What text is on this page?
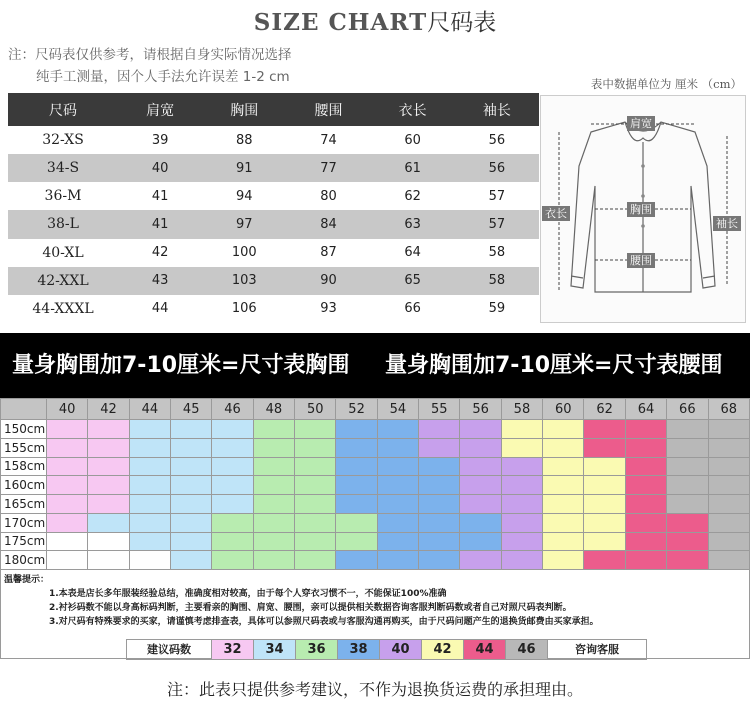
SIZE CHART尺码表
注：尺码表仅供参考，请根据自身实际情况选择
纯手工测量，因个人手法允许误差 1-2 cm	表中数据单位为 厘米 （cm）
尺码	肩宽	胸围	腰围	衣长	袖长
32-XS	39	88	74	60	56
34-S	40	91	77	61	56
36-M	41	94	80	62	57
38-L	41	97	84	63	57
40-XL	42	100	87	64	58
42-XXL	43	103	90	65	58
44-XXXL	44	106	93	66	59
肩宽
衣长	胸围
袖长
腰围
量身胸围加7-10厘米=尺寸表胸围 量身胸围加7-10厘米=尺寸表腰围
	40	42	44	45	46	48	50	52	54	55	56	58	60	62	64	66	68
150cm																	
155cm																	
158cm																	
160cm																	
165cm																	
170cm																	
175cm																	
180cm																	
温馨提示：
1.本表是店长多年服装经验总结，准确度相对较高，由于每个人穿衣习惯不一，不能保证100%准确
2.衬衫码数不能以身高标码判断，主要看亲的胸围、肩宽、腰围，亲可以提供相关数据咨询客服判断码数或者自己对照尺码表判断。
3.对尺码有特殊要求的买家，请谨慎考虑排查表，具体可以参照尺码表或与客服沟通再购买，由于尺码问题产生的退换货邮费由买家承担。
建议码数	32	34	36	38	40	42	44	46	咨询客服
注：此表只提供参考建议，不作为退换货运费的承担理由。
